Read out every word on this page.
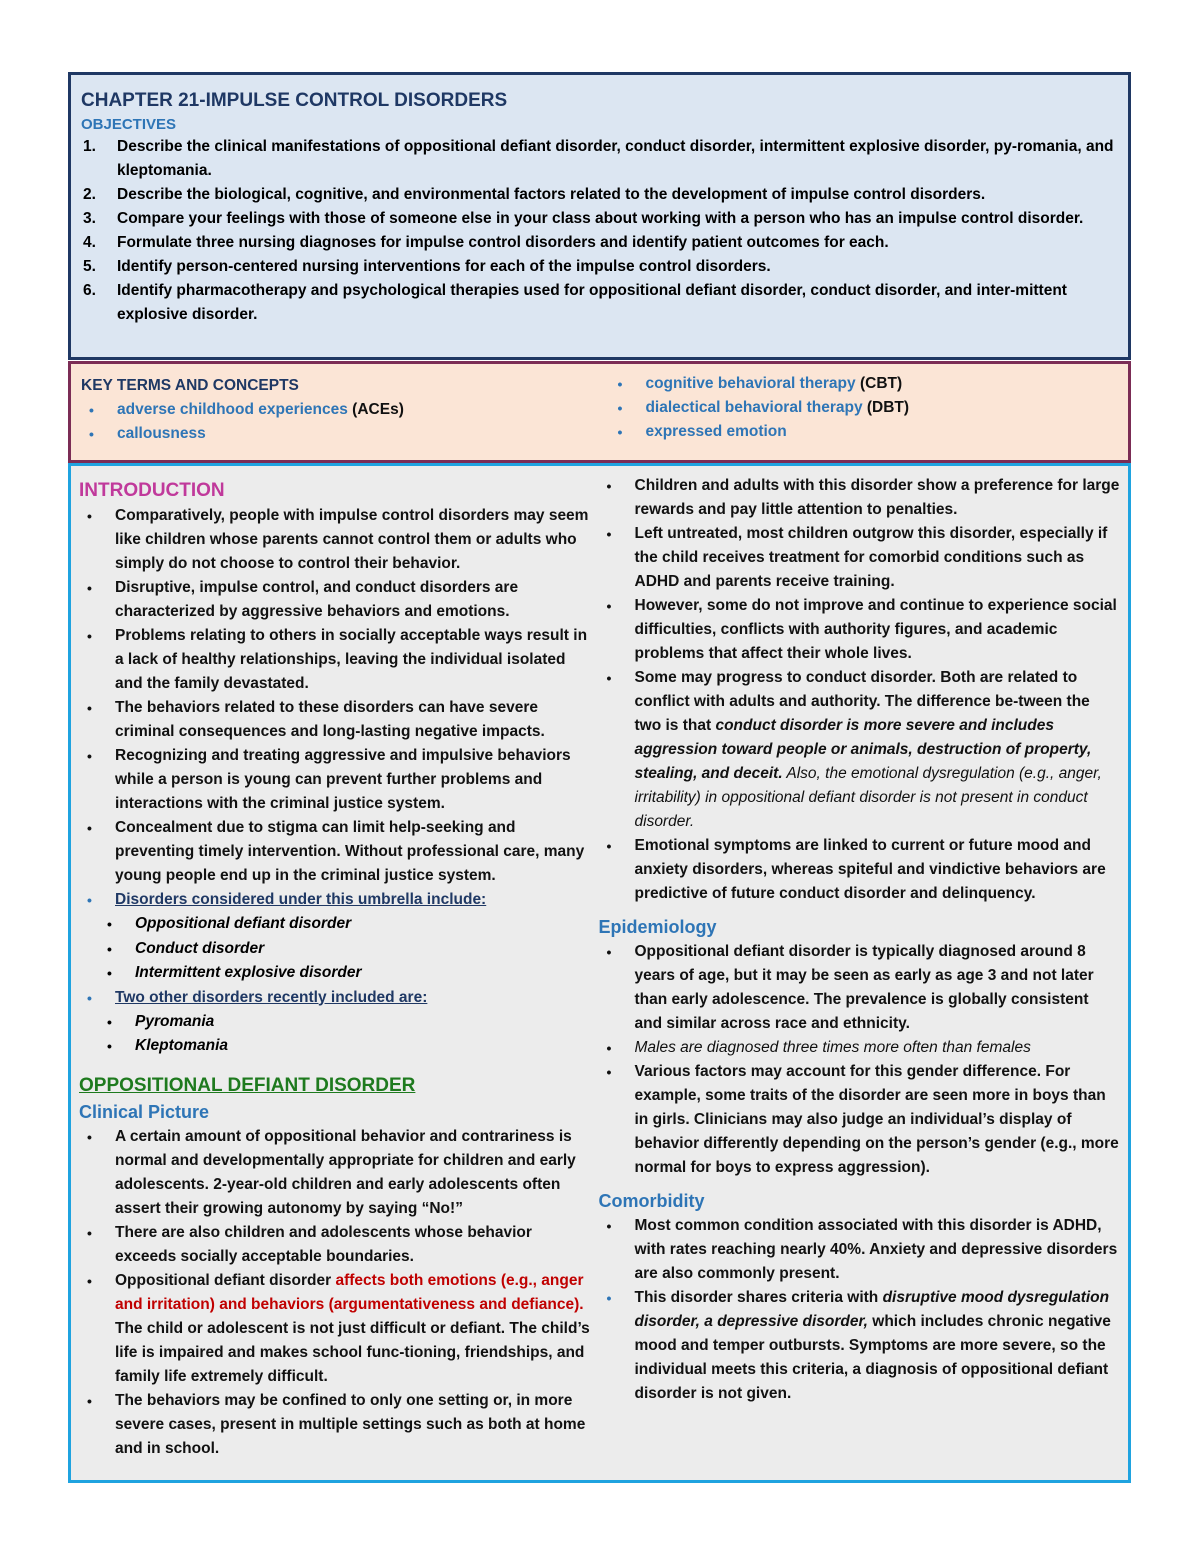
CHAPTER 21-IMPULSE CONTROL DISORDERS
OBJECTIVES
1. Describe the clinical manifestations of oppositional defiant disorder, conduct disorder, intermittent explosive disorder, py-romania, and kleptomania.
2. Describe the biological, cognitive, and environmental factors related to the development of impulse control disorders.
3. Compare your feelings with those of someone else in your class about working with a person who has an impulse control disorder.
4. Formulate three nursing diagnoses for impulse control disorders and identify patient outcomes for each.
5. Identify person-centered nursing interventions for each of the impulse control disorders.
6. Identify pharmacotherapy and psychological therapies used for oppositional defiant disorder, conduct disorder, and inter-mittent explosive disorder.
KEY TERMS AND CONCEPTS
• adverse childhood experiences (ACEs)
• callousness
• cognitive behavioral therapy (CBT)
• dialectical behavioral therapy (DBT)
• expressed emotion
INTRODUCTION
• Comparatively, people with impulse control disorders may seem like children whose parents cannot control them or adults who simply do not choose to control their behavior.
• Disruptive, impulse control, and conduct disorders are characterized by aggressive behaviors and emotions.
• Problems relating to others in socially acceptable ways result in a lack of healthy relationships, leaving the individual isolated and the family devastated.
• The behaviors related to these disorders can have severe criminal consequences and long-lasting negative impacts.
• Recognizing and treating aggressive and impulsive behaviors while a person is young can prevent further problems and interactions with the criminal justice system.
• Concealment due to stigma can limit help-seeking and preventing timely intervention. Without professional care, many young people end up in the criminal justice system.
• Disorders considered under this umbrella include:
• Oppositional defiant disorder
• Conduct disorder
• Intermittent explosive disorder
• Two other disorders recently included are:
• Pyromania
• Kleptomania
OPPOSITIONAL DEFIANT DISORDER
Clinical Picture
• A certain amount of oppositional behavior and contrariness is normal and developmentally appropriate for children and early adolescents. 2-year-old children and early adolescents often assert their growing autonomy by saying “No!”
• There are also children and adolescents whose behavior exceeds socially acceptable boundaries.
• Oppositional defiant disorder affects both emotions (e.g., anger and irritation) and behaviors (argumentativeness and defiance). The child or adolescent is not just difficult or defiant. The child’s life is impaired and makes school func-tioning, friendships, and family life extremely difficult.
• The behaviors may be confined to only one setting or, in more severe cases, present in multiple settings such as both at home and in school.
• Children and adults with this disorder show a preference for large rewards and pay little attention to penalties.
• Left untreated, most children outgrow this disorder, especially if the child receives treatment for comorbid conditions such as ADHD and parents receive training.
• However, some do not improve and continue to experience social difficulties, conflicts with authority figures, and academic problems that affect their whole lives.
• Some may progress to conduct disorder. Both are related to conflict with adults and authority. The difference be-tween the two is that conduct disorder is more severe and includes aggression toward people or animals, destruction of property, stealing, and deceit. Also, the emotional dysregulation (e.g., anger, irritability) in oppositional defiant disorder is not present in conduct disorder.
• Emotional symptoms are linked to current or future mood and anxiety disorders, whereas spiteful and vindictive behaviors are predictive of future conduct disorder and delinquency.
Epidemiology
• Oppositional defiant disorder is typically diagnosed around 8 years of age, but it may be seen as early as age 3 and not later than early adolescence. The prevalence is globally consistent and similar across race and ethnicity.
• Males are diagnosed three times more often than females
• Various factors may account for this gender difference. For example, some traits of the disorder are seen more in boys than in girls. Clinicians may also judge an individual’s display of behavior differently depending on the person’s gender (e.g., more normal for boys to express aggression).
Comorbidity
• Most common condition associated with this disorder is ADHD, with rates reaching nearly 40%. Anxiety and depressive disorders are also commonly present.
• This disorder shares criteria with disruptive mood dysregulation disorder, a depressive disorder, which includes chronic negative mood and temper outbursts. Symptoms are more severe, so the individual meets this criteria, a diagnosis of oppositional defiant disorder is not given.
